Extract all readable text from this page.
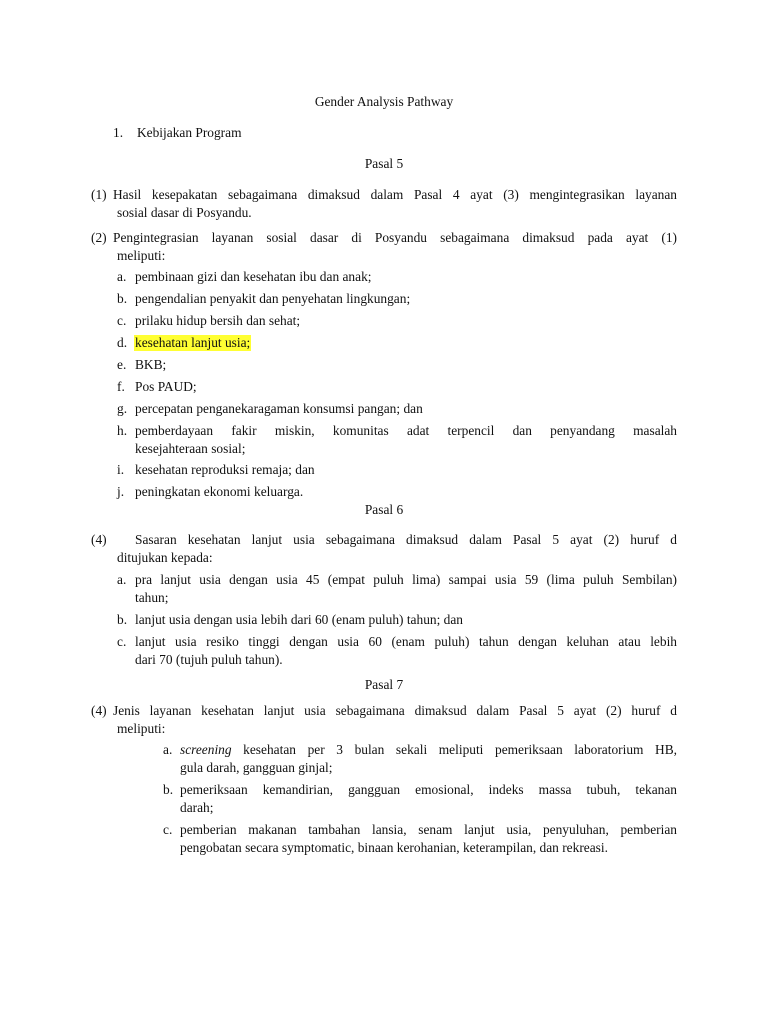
Gender Analysis Pathway
1. Kebijakan Program
Pasal 5
(1) Hasil kesepakatan sebagaimana dimaksud dalam Pasal 4 ayat (3) mengintegrasikan layanan
sosial dasar di Posyandu.
(2) Pengintegrasian layanan sosial dasar di Posyandu sebagaimana dimaksud pada ayat (1)
meliputi:
a. pembinaan gizi dan kesehatan ibu dan anak;
b. pengendalian penyakit dan penyehatan lingkungan;
c. prilaku hidup bersih dan sehat;
d. kesehatan lanjut usia;
e. BKB;
f. Pos PAUD;
g. percepatan penganekaragaman konsumsi pangan; dan
h. pemberdayaan fakir miskin, komunitas adat terpencil dan penyandang masalah
kesejahteraan sosial;
i. kesehatan reproduksi remaja; dan
j. peningkatan ekonomi keluarga.
Pasal 6
(4) Sasaran kesehatan lanjut usia sebagaimana dimaksud dalam Pasal 5 ayat (2) huruf d
ditujukan kepada:
a. pra lanjut usia dengan usia 45 (empat puluh lima) sampai usia 59 (lima puluh Sembilan)
tahun;
b. lanjut usia dengan usia lebih dari 60 (enam puluh) tahun; dan
c. lanjut usia resiko tinggi dengan usia 60 (enam puluh) tahun dengan keluhan atau lebih
dari 70 (tujuh puluh tahun).
Pasal 7
(4) Jenis layanan kesehatan lanjut usia sebagaimana dimaksud dalam Pasal 5 ayat (2) huruf d
meliputi:
a. screening kesehatan per 3 bulan sekali meliputi pemeriksaan laboratorium HB,
gula darah, gangguan ginjal;
b. pemeriksaan kemandirian, gangguan emosional, indeks massa tubuh, tekanan
darah;
c. pemberian makanan tambahan lansia, senam lanjut usia, penyuluhan, pemberian
pengobatan secara symptomatic, binaan kerohanian, keterampilan, dan rekreasi.
